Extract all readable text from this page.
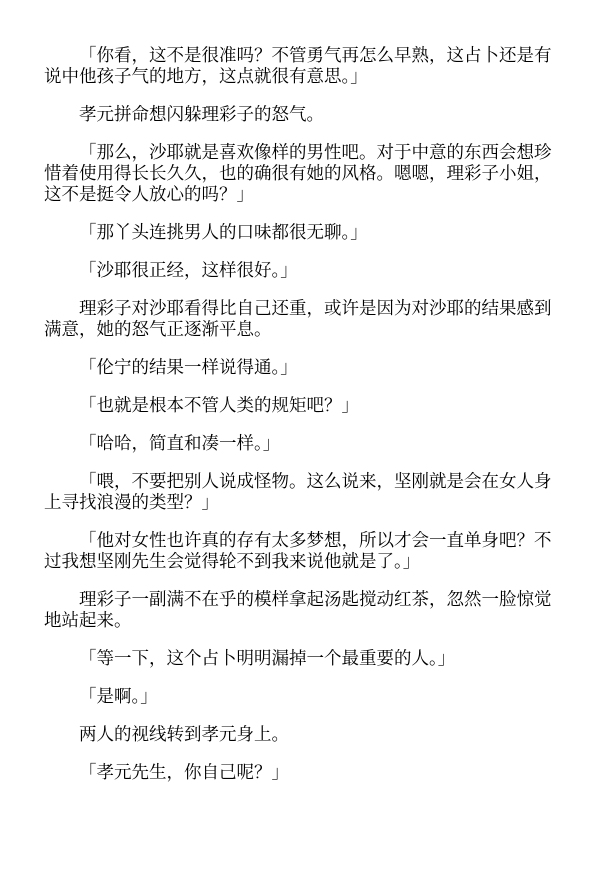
「你看，这不是很准吗？不管勇气再怎么早熟，这占卜还是有说中他孩子气的地方，这点就很有意思。」

孝元拼命想闪躲理彩子的怒气。

「那么，沙耶就是喜欢像样的男性吧。对于中意的东西会想珍惜着使用得长长久久，也的确很有她的风格。嗯嗯，理彩子小姐，这不是挺令人放心的吗？」

「那丫头连挑男人的口味都很无聊。」

「沙耶很正经，这样很好。」

理彩子对沙耶看得比自己还重，或许是因为对沙耶的结果感到满意，她的怒气正逐渐平息。

「伦宁的结果一样说得通。」

「也就是根本不管人类的规矩吧？」

「哈哈，简直和凑一样。」

「喂，不要把别人说成怪物。这么说来，坚刚就是会在女人身上寻找浪漫的类型？」

「他对女性也许真的存有太多梦想，所以才会一直单身吧？不过我想坚刚先生会觉得轮不到我来说他就是了。」

理彩子一副满不在乎的模样拿起汤匙搅动红茶，忽然一脸惊觉地站起来。

「等一下，这个占卜明明漏掉一个最重要的人。」

「是啊。」

两人的视线转到孝元身上。

「孝元先生，你自己呢？」
